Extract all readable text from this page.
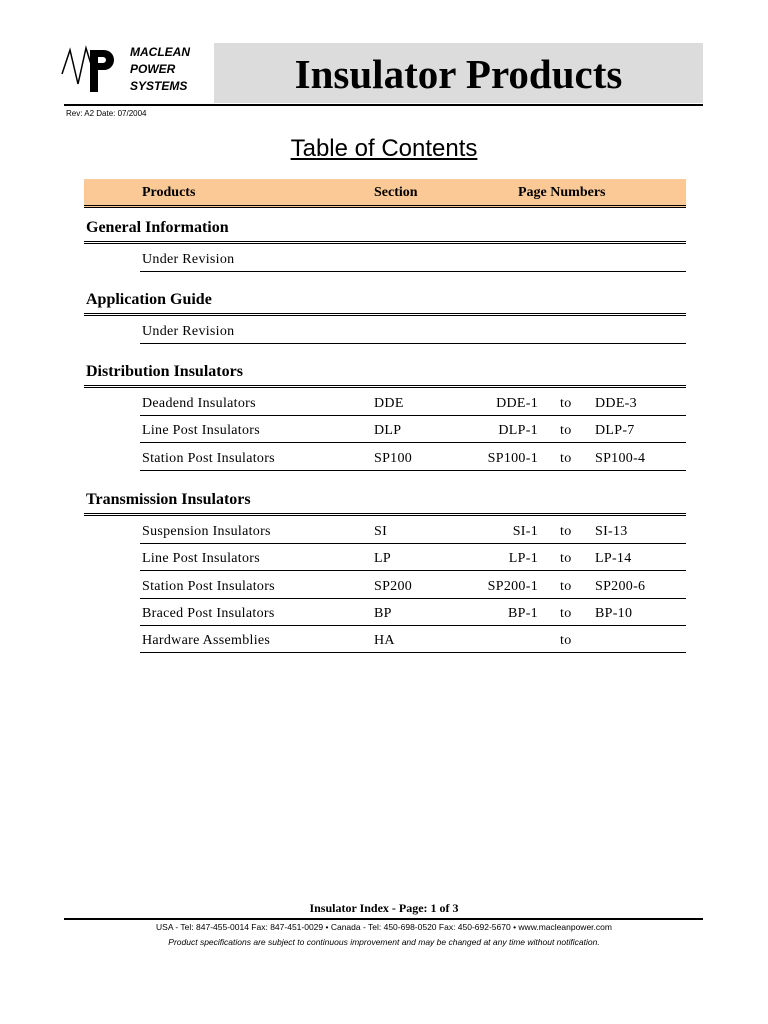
MACLEAN
POWER
SYSTEMS	Insulator Products
Rev: A2 Date: 07/2004
Table of Contents
Products	Section	Page Numbers
General Information
Under Revision
Application Guide
Under Revision
Distribution Insulators
Deadend Insulators	DDE	DDE-1 to DDE-3
Line Post Insulators	DLP	DLP-1 to DLP-7
Station Post Insulators	SP100	SP100-1 to SP100-4
Transmission Insulators
Suspension Insulators	SI	SI-1 to SI-13
Line Post Insulators	LP	LP-1 to LP-14
Station Post Insulators	SP200	SP200-1 to SP200-6
Braced Post Insulators	BP	BP-1 to BP-10
Hardware Assemblies	HA	to
Insulator Index - Page: 1 of 3
USA - Tel: 847-455-0014 Fax: 847-451-0029 • Canada - Tel: 450-698-0520 Fax: 450-692-5670 • www.macleanpower.com
Product specifications are subject to continuous improvement and may be changed at any time without notification.
